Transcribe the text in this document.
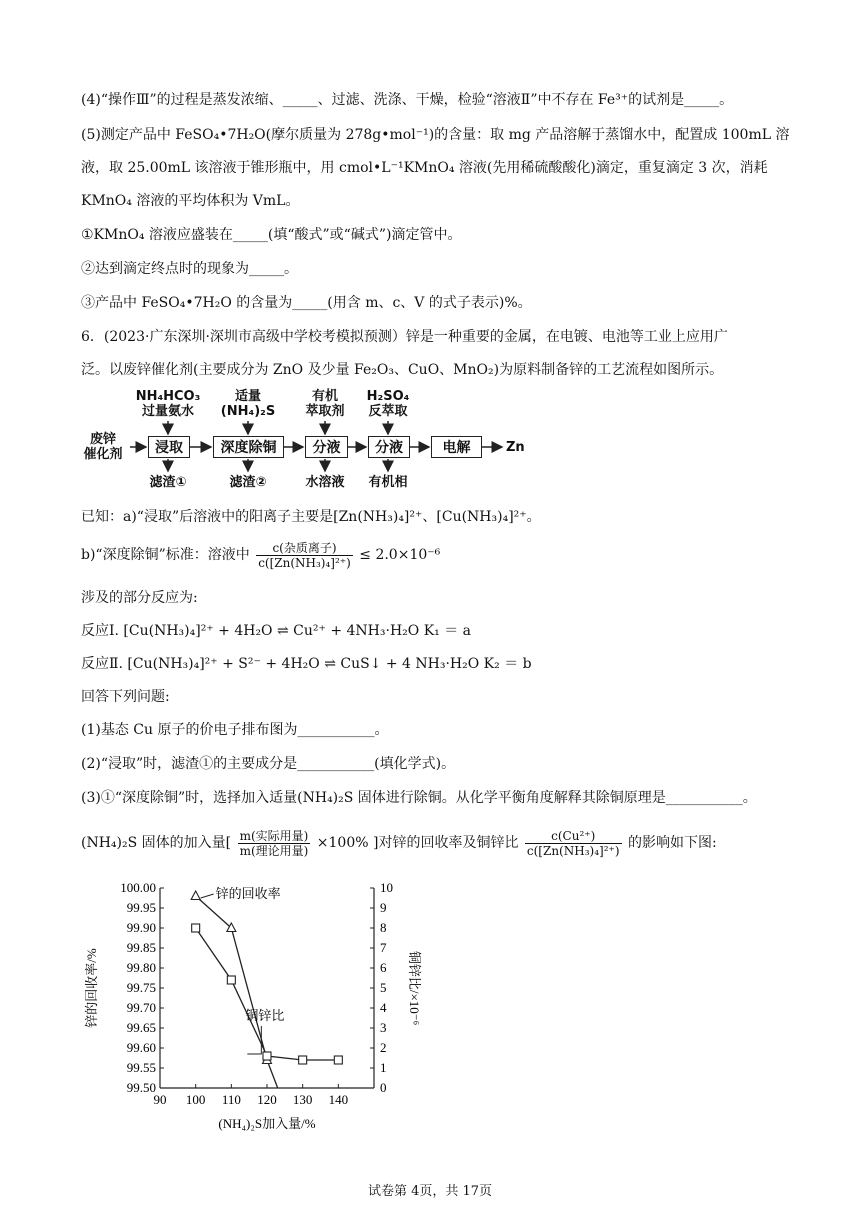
(4)“操作Ⅲ”的过程是蒸发浓缩、_____、过滤、洗涤、干燥，检验“溶液Ⅱ”中不存在 Fe³⁺的试剂是_____。
(5)测定产品中 FeSO₄•7H₂O(摩尔质量为 278g•mol⁻¹)的含量：取 mg 产品溶解于蒸馏水中，配置成 100mL 溶
液，取 25.00mL 该溶液于锥形瓶中，用 cmol•L⁻¹KMnO₄ 溶液(先用稀硫酸酸化)滴定，重复滴定 3 次，消耗
KMnO₄ 溶液的平均体积为 VmL。
①KMnO₄ 溶液应盛装在_____(填“酸式”或“碱式”)滴定管中。
②达到滴定终点时的现象为_____。
③产品中 FeSO₄•7H₂O 的含量为_____(用含 m、c、V 的式子表示)%。
6．(2023·广东深圳·深圳市高级中学校考模拟预测）锌是一种重要的金属，在电镀、电池等工业上应用广
泛。以废锌催化剂(主要成分为 ZnO 及少量 Fe₂O₃、CuO、MnO₂)为原料制备锌的工艺流程如图所示。
废锌
催化剂	Zn
NH₄HCO₃
过量氨水
适量
(NH₄)₂S
有机
萃取剂
H₂SO₄
反萃取
浸取	深度除铜	分液	分液	电解
滤渣①	滤渣②	水溶液	有机相
已知：a)“浸取”后溶液中的阳离子主要是[Zn(NH₃)₄]²⁺、[Cu(NH₃)₄]²⁺。
b)“深度除铜”标准：溶液中 $\frac{\text{c(杂质离子)}}{\text{c([Zn(NH₃)₄]²⁺)}} \le 2.0\times 10^{-6}$
涉及的部分反应为:
反应Ⅰ. [Cu(NH₃)₄]²⁺ + 4H₂O ⇌ Cu²⁺ + 4NH₃·H₂O K₁ ＝ a
反应Ⅱ. [Cu(NH₃)₄]²⁺ + S²⁻ + 4H₂O ⇌ CuS↓ + 4 NH₃·H₂O K₂ ＝ b
回答下列问题:
(1)基态 Cu 原子的价电子排布图为___________。
(2)“浸取”时，滤渣①的主要成分是___________(填化学式)。
(3)①“深度除铜”时，选择加入适量(NH₄)₂S 固体进行除铜。从化学平衡角度解释其除铜原理是___________。
(NH₄)₂S 固体的加入量[ $\frac{\text{m(实际用量)}}{\text{m(理论用量)}} \times 100\%$ ]对锌的回收率及铜锌比 $\frac{\text{c(Cu²⁺)}}{\text{c([Zn(NH₃)₄]²⁺)}}$ 的影响如下图:
90 100 110 120 130 140
99.50
99.55
99.60
99.65
99.70
99.75
99.80
99.85
99.90
99.95
100.00
0
1
2
3
4
5
6
7
8
9
10
(NH₄)₂S加入量/%
锌的回收率/%	铜锌比/×10⁻⁶
锌的回收率
铜锌比
试卷第 4页，共 17页
